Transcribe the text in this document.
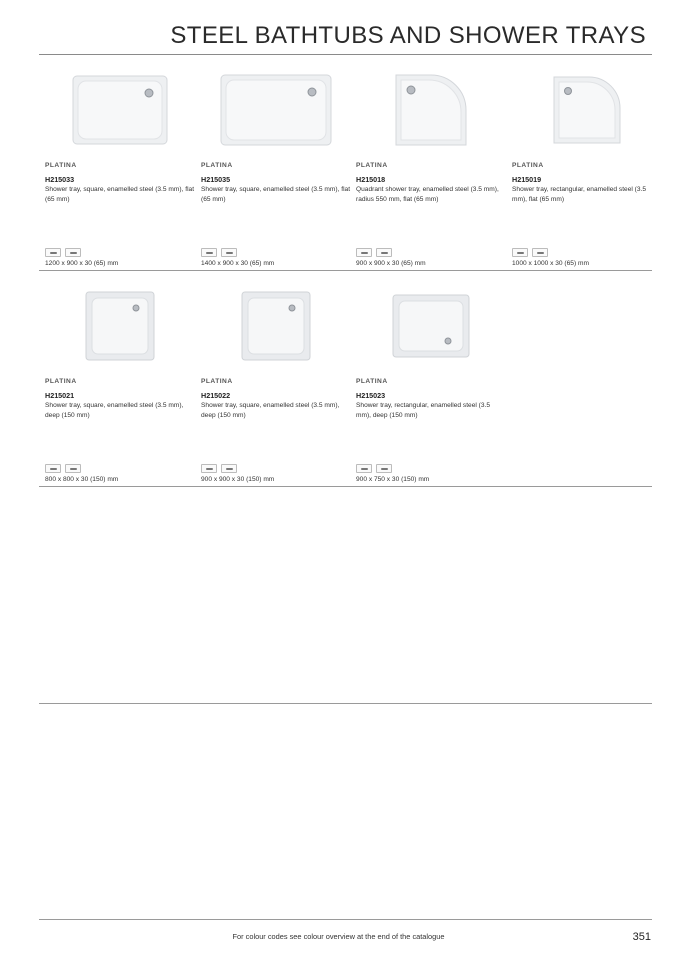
STEEL BATHTUBS AND SHOWER TRAYS
PLATINA
H215033
Shower tray, square, enamelled steel (3.5 mm), flat (65 mm)
1200 x 900 x 30 (65) mm
PLATINA
H215035
Shower tray, square, enamelled steel (3.5 mm), flat (65 mm)
1400 x 900 x 30 (65) mm
PLATINA
H215018
Quadrant shower tray, enamelled steel (3.5 mm), radius 550 mm, flat (65 mm)
900 x 900 x 30 (65) mm
PLATINA
H215019
Shower tray, rectangular, enamelled steel (3.5 mm), flat (65 mm)
1000 x 1000 x 30 (65) mm
PLATINA
H215021
Shower tray, square, enamelled steel (3.5 mm), deep (150 mm)
800 x 800 x 30 (150) mm
PLATINA
H215022
Shower tray, square, enamelled steel (3.5 mm), deep (150 mm)
900 x 900 x 30 (150) mm
PLATINA
H215023
Shower tray, rectangular, enamelled steel (3.5 mm), deep (150 mm)
900 x 750 x 30 (150) mm
For colour codes see colour overview at the end of the catalogue	351
